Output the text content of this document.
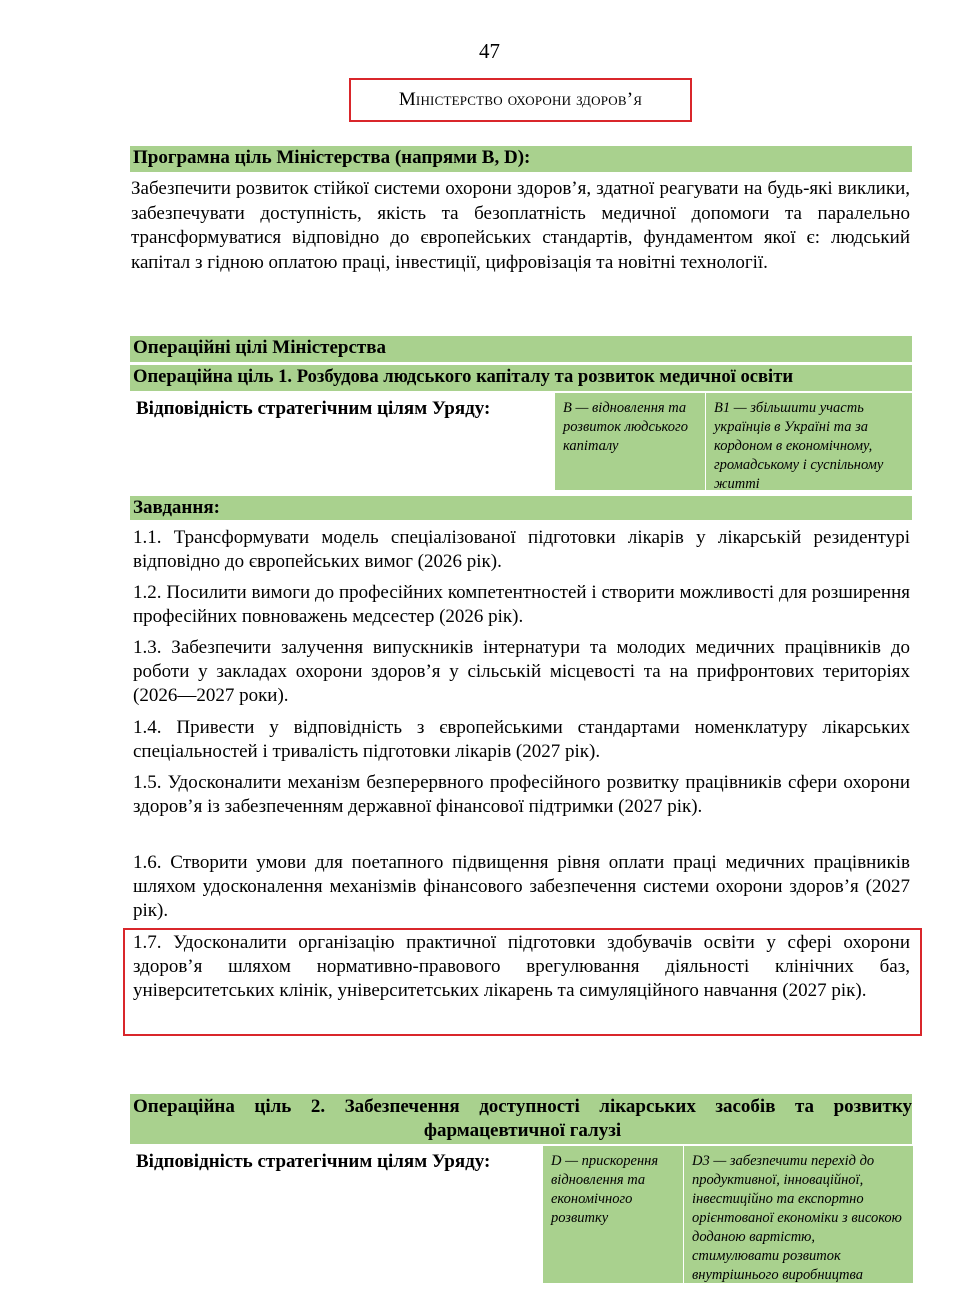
47
Міністерство охорони здоров’я
Програмна ціль Міністерства (напрями B, D):
Забезпечити розвиток стійкої системи охорони здоров’я, здатної реагувати на будь-які виклики, забезпечувати доступність, якість та безоплатність медичної допомоги та паралельно трансформуватися відповідно до європейських стандартів, фундаментом якої є: людський капітал з гідною оплатою праці, інвестиції, цифровізація та новітні технології.
Операційні цілі Міністерства
Операційна ціль 1. Розбудова людського капіталу та розвиток медичної освіти
Відповідність стратегічним цілям Уряду:	B — відновлення та розвиток людського капіталу
B1 — збільшити участь українців в Україні та за кордоном в економічному, громадському і суспільному житті
Завдання:
1.1. Трансформувати модель спеціалізованої підготовки лікарів у лікарській резидентурі відповідно до європейських вимог (2026 рік).
1.2. Посилити вимоги до професійних компетентностей і створити можливості для розширення професійних повноважень медсестер (2026 рік).
1.3. Забезпечити залучення випускників інтернатури та молодих медичних працівників до роботи у закладах охорони здоров’я у сільській місцевості та на прифронтових територіях (2026—2027 роки).
1.4. Привести у відповідність з європейськими стандартами номенклатуру лікарських спеціальностей і тривалість підготовки лікарів (2027 рік).
1.5. Удосконалити механізм безперервного професійного розвитку працівників сфери охорони здоров’я із забезпеченням державної фінансової підтримки (2027 рік).
1.6. Створити умови для поетапного підвищення рівня оплати праці медичних працівників шляхом удосконалення механізмів фінансового забезпечення системи охорони здоров’я (2027 рік).
1.7. Удосконалити організацію практичної підготовки здобувачів освіти у сфері охорони здоров’я шляхом нормативно-правового врегулювання діяльності клінічних баз, університетських клінік, університетських лікарень та симуляційного навчання (2027 рік).
Операційна ціль 2. Забезпечення доступності лікарських засобів та розвитку фармацевтичної галузі
Відповідність стратегічним цілям Уряду:	D — прискорення відновлення та економічного розвитку
D3 — забезпечити перехід до продуктивної, інноваційної, інвестиційно та експортно орієнтованої економіки з високою доданою вартістю, стимулювати розвиток внутрішнього виробництва
